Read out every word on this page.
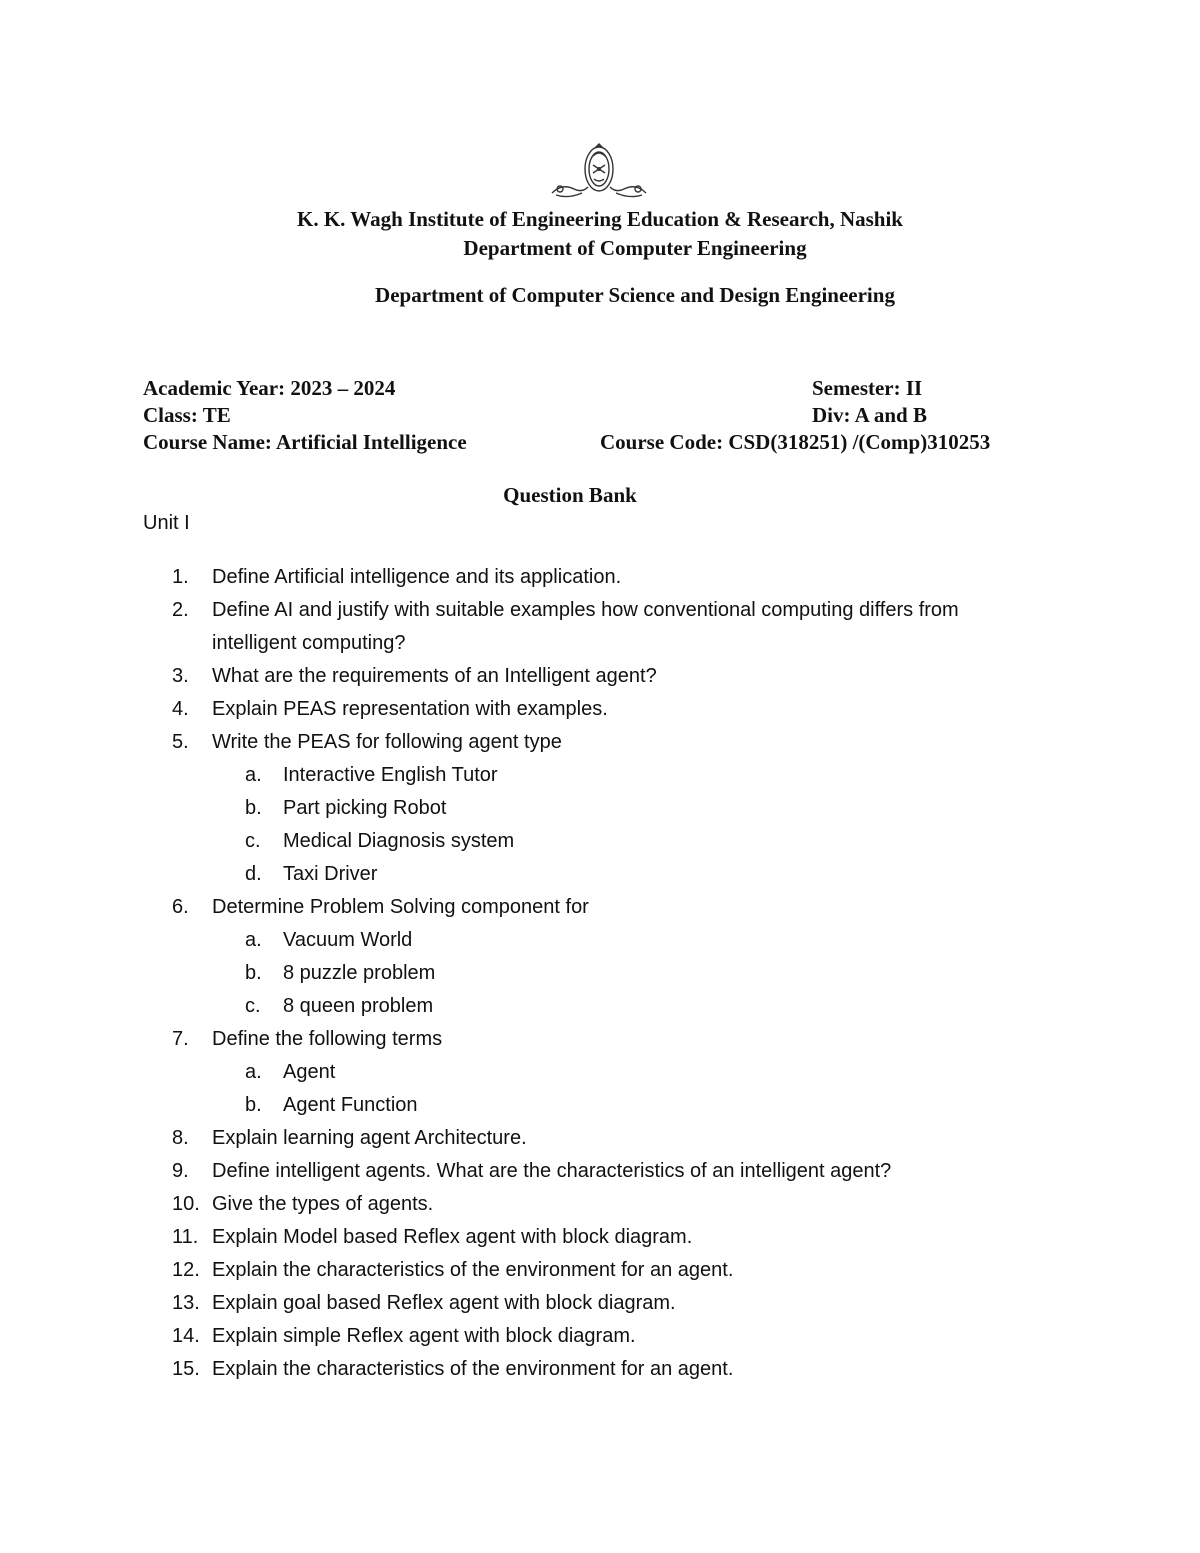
K. K. Wagh Institute of Engineering Education & Research, Nashik
Department of Computer Engineering
Department of Computer Science and Design Engineering
Academic Year: 2023 – 2024	Semester: II
Class: TE	Div: A and B
Course Name: Artificial Intelligence	Course Code: CSD(318251) /(Comp)310253
Question Bank
Unit I
1.	Define Artificial intelligence and its application.
2.	Define AI and justify with suitable examples how conventional computing differs from intelligent computing?
3.	What are the requirements of an Intelligent agent?
4.	Explain PEAS representation with examples.
5.	Write the PEAS for following agent type
a. Interactive English Tutor
b. Part picking Robot
c. Medical Diagnosis system
d. Taxi Driver
6.	Determine Problem Solving component for
a. Vacuum World
b. 8 puzzle problem
c. 8 queen problem
7.	Define the following terms
a. Agent
b. Agent Function
8.	Explain learning agent Architecture.
9.	Define intelligent agents. What are the characteristics of an intelligent agent?
10. Give the types of agents.
11. Explain Model based Reflex agent with block diagram.
12. Explain the characteristics of the environment for an agent.
13. Explain goal based Reflex agent with block diagram.
14. Explain simple Reflex agent with block diagram.
15. Explain the characteristics of the environment for an agent.
